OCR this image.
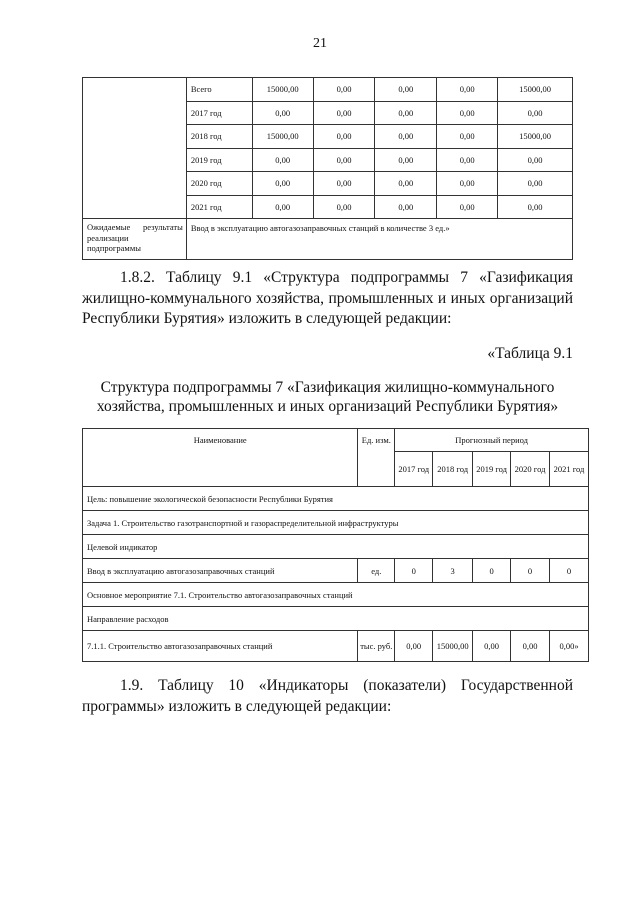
21
	Всего	15000,00	0,00	0,00	0,00	15000,00
	2017 год	0,00	0,00	0,00	0,00	0,00
	2018 год	15000,00	0,00	0,00	0,00	15000,00
	2019 год	0,00	0,00	0,00	0,00	0,00
	2020 год	0,00	0,00	0,00	0,00	0,00
	2021 год	0,00	0,00	0,00	0,00	0,00
Ожидаемые результаты реализации подпрограммы	Ввод в эксплуатацию автогазозаправочных станций в количестве 3 ед.»					
1.8.2. Таблицу 9.1 «Структура подпрограммы 7 «Газификация жилищно-коммунального хозяйства, промышленных и иных организаций Республики Бурятия» изложить в следующей редакции:
«Таблица 9.1
Структура подпрограммы 7 «Газификация жилищно-коммунального хозяйства, промышленных и иных организаций Республики Бурятия»
Наименование	Ед. изм.	Прогнозный период				
		2017 год	2018 год	2019 год	2020 год	2021 год
Цель: повышение экологической безопасности Республики Бурятия						
Задача 1. Строительство газотранспортной и газораспределительной инфраструктуры						
Целевой индикатор						
Ввод в эксплуатацию автогазозаправочных станций	ед.	0	3	0	0	0
Основное мероприятие 7.1. Строительство автогазозаправочных станций						
Направление расходов						
7.1.1. Строительство автогазозаправочных станций	тыс. руб.	0,00	15000,00	0,00	0,00	0,00»
1.9. Таблицу 10 «Индикаторы (показатели) Государственной программы» изложить в следующей редакции:
